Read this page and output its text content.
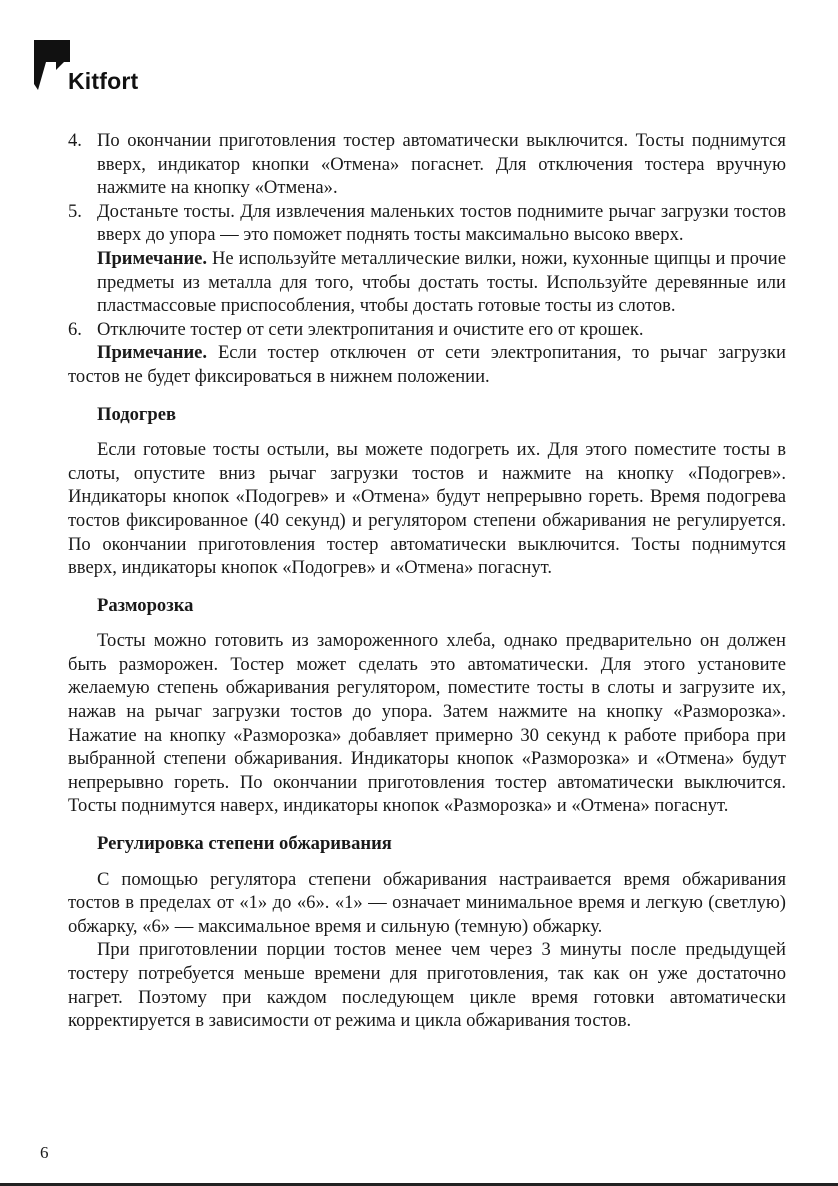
Kitfort
4. По окончании приготовления тостер автоматически выключится. Тосты поднимутся вверх, индикатор кнопки «Отмена» погаснет. Для отключения тостера вручную нажмите на кнопку «Отмена».

5. Достаньте тосты. Для извлечения маленьких тостов поднимите рычаг загрузки тостов вверх до упора — это поможет поднять тосты максимально высоко вверх.

Примечание. Не используйте металлические вилки, ножи, кухонные щипцы и прочие предметы из металла для того, чтобы достать тосты. Используйте деревянные или пластмассовые приспособления, чтобы достать готовые тосты из слотов.

6. Отключите тостер от сети электропитания и очистите его от крошек.

Примечание. Если тостер отключен от сети электропитания, то рычаг загрузки тостов не будет фиксироваться в нижнем положении.

Подогрев

Если готовые тосты остыли, вы можете подогреть их. Для этого поместите тосты в слоты, опустите вниз рычаг загрузки тостов и нажмите на кнопку «Подогрев». Индикаторы кнопок «Подогрев» и «Отмена» будут непрерывно гореть. Время подогрева тостов фиксированное (40 секунд) и регулятором степени обжаривания не регулируется. По окончании приготовления тостер автоматически выключится. Тосты поднимутся вверх, индикаторы кнопок «Подогрев» и «Отмена» погаснут.

Разморозка

Тосты можно готовить из замороженного хлеба, однако предварительно он должен быть разморожен. Тостер может сделать это автоматически. Для этого установите желаемую степень обжаривания регулятором, поместите тосты в слоты и загрузите их, нажав на рычаг загрузки тостов до упора. Затем нажмите на кнопку «Разморозка». Нажатие на кнопку «Разморозка» добавляет примерно 30 секунд к работе прибора при выбранной степени обжаривания. Индикаторы кнопок «Разморозка» и «Отмена» будут непрерывно гореть. По окончании приготовления тостер автоматически выключится. Тосты поднимутся наверх, индикаторы кнопок «Разморозка» и «Отмена» погаснут.

Регулировка степени обжаривания

С помощью регулятора степени обжаривания настраивается время обжаривания тостов в пределах от «1» до «6». «1» — означает минимальное время и легкую (светлую) обжарку, «6» — максимальное время и сильную (темную) обжарку.

При приготовлении порции тостов менее чем через 3 минуты после предыдущей тостеру потребуется меньше времени для приготовления, так как он уже достаточно нагрет. Поэтому при каждом последующем цикле время готовки автоматически корректируется в зависимости от режима и цикла обжаривания тостов.

6
